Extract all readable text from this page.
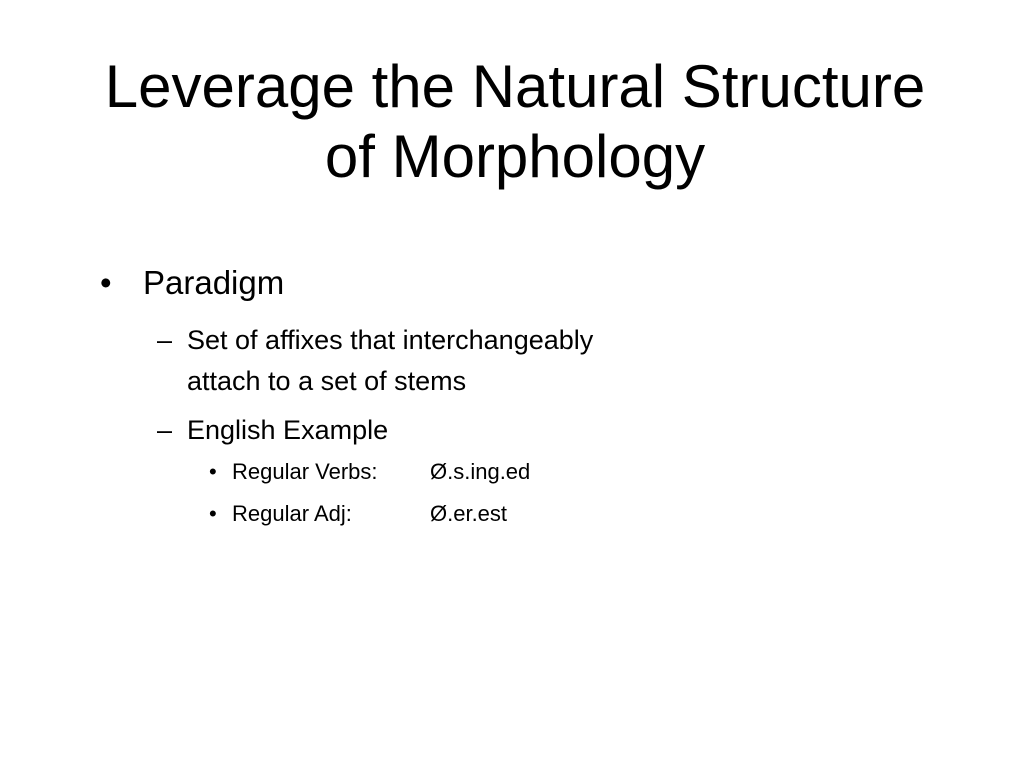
Leverage the Natural Structure
of Morphology
• Paradigm
– Set of affixes that interchangeably
attach to a set of stems
– English Example
• Regular Verbs:	Ø.s.ing.ed
• Regular Adj:	Ø.er.est
